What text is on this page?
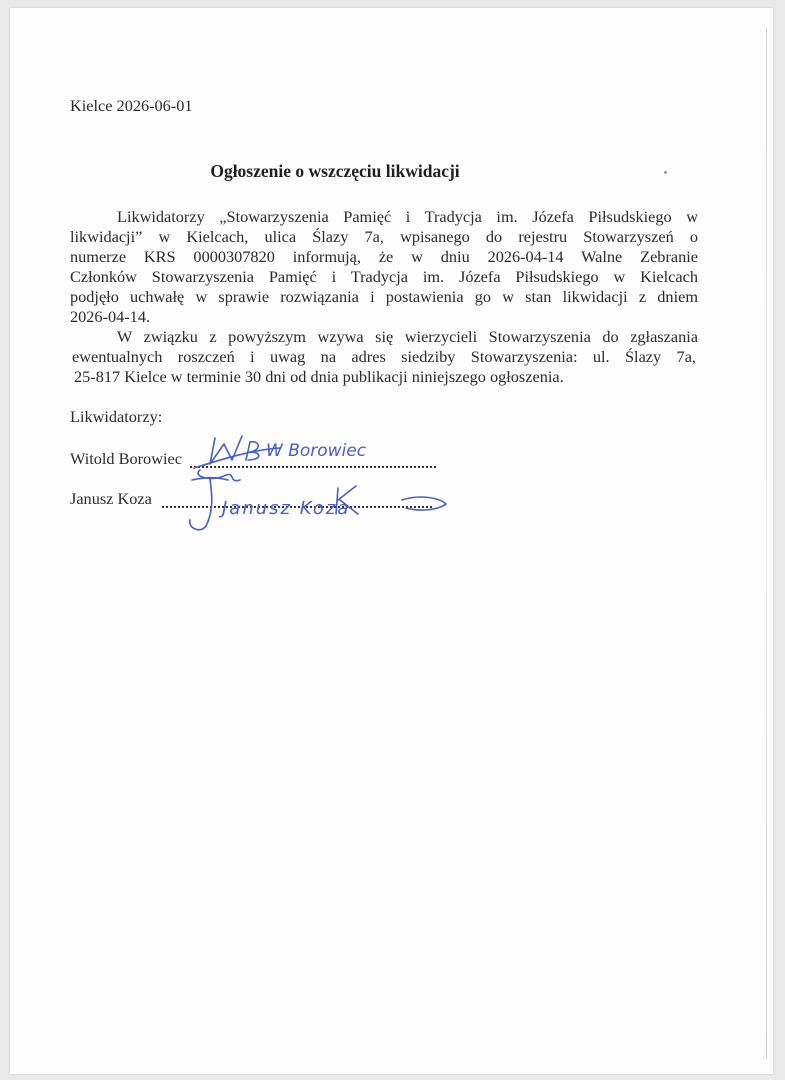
Kielce 2026-06-01
Ogłoszenie o wszczęciu likwidacji
Likwidatorzy „Stowarzyszenia Pamięć i Tradycja im. Józefa Piłsudskiego w
likwidacji” w Kielcach, ulica Ślazy 7a, wpisanego do rejestru Stowarzyszeń o
numerze KRS 0000307820 informują, że w dniu 2026-04-14 Walne Zebranie
Członków Stowarzyszenia Pamięć i Tradycja im. Józefa Piłsudskiego w Kielcach
podjęło uchwałę w sprawie rozwiązania i postawienia go w stan likwidacji z dniem
2026-04-14.
W związku z powyższym wzywa się wierzycieli Stowarzyszenia do zgłaszania
ewentualnych roszczeń i uwag na adres siedziby Stowarzyszenia: ul. Ślazy 7a,
25-817 Kielce w terminie 30 dni od dnia publikacji niniejszego ogłoszenia.
Likwidatorzy:
Witold Borowiec	W Borowiec
Janusz Koza	Janusz Koza
